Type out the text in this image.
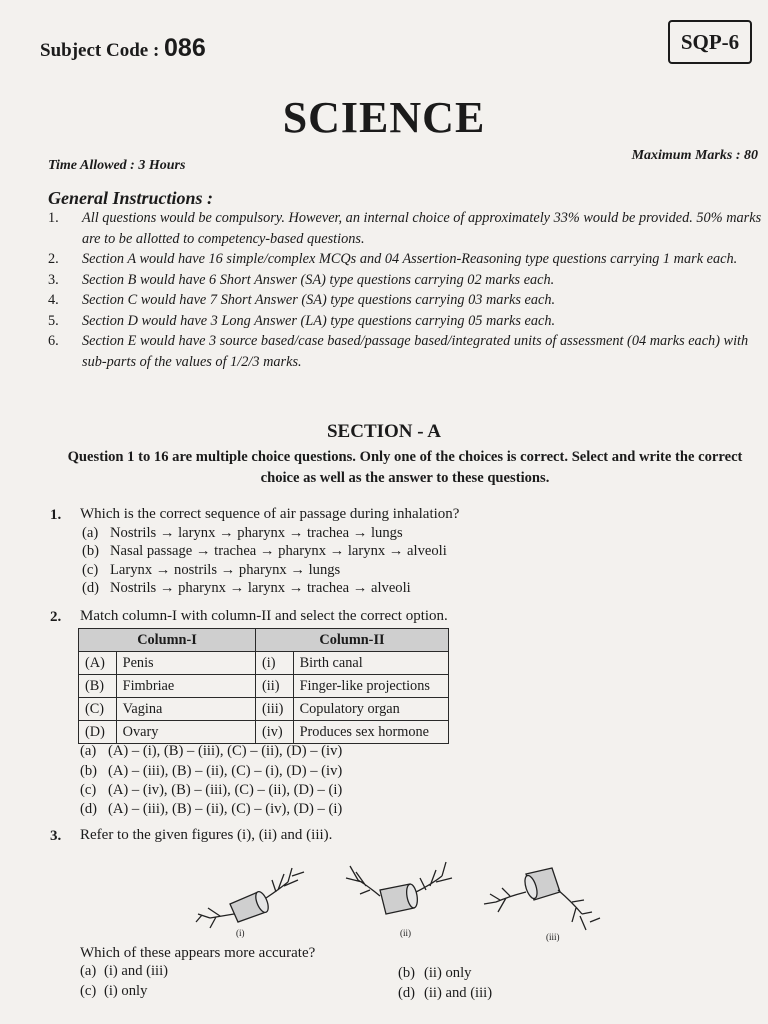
Subject Code : 086	SQP-6
SCIENCE
Time Allowed : 3 Hours
Maximum Marks : 80
General Instructions :
1. All questions would be compulsory. However, an internal choice of approximately 33% would be provided. 50% marks are to be allotted to competency-based questions.
2. Section A would have 16 simple/complex MCQs and 04 Assertion-Reasoning type questions carrying 1 mark each.
3. Section B would have 6 Short Answer (SA) type questions carrying 02 marks each.
4. Section C would have 7 Short Answer (SA) type questions carrying 03 marks each.
5. Section D would have 3 Long Answer (LA) type questions carrying 05 marks each.
6. Section E would have 3 source based/case based/passage based/integrated units of assessment (04 marks each) with sub-parts of the values of 1/2/3 marks.
SECTION - A
Question 1 to 16 are multiple choice questions. Only one of the choices is correct. Select and write the correct choice as well as the answer to these questions.
1. Which is the correct sequence of air passage during inhalation?
(a) Nostrils → larynx → pharynx → trachea → lungs
(b) Nasal passage → trachea → pharynx → larynx → alveoli
(c) Larynx → nostrils → pharynx → lungs
(d) Nostrils → pharynx → larynx → trachea → alveoli
2. Match column-I with column-II and select the correct option.
Column-I		Column-II	
(A)	Penis	(i)	Birth canal
(B)	Fimbriae	(ii)	Finger-like projections
(C)	Vagina	(iii)	Copulatory organ
(D)	Ovary	(iv)	Produces sex hormone
(a) (A) – (i), (B) – (iii), (C) – (ii), (D) – (iv)
(b) (A) – (iii), (B) – (ii), (C) – (i), (D) – (iv)
(c) (A) – (iv), (B) – (iii), (C) – (ii), (D) – (i)
(d) (A) – (iii), (B) – (ii), (C) – (iv), (D) – (i)
3. Refer to the given figures (i), (ii) and (iii).
(i)	(ii)	(iii)
Which of these appears more accurate?
(a) (i) and (iii)	(b) (ii) only
(c) (i) only	(d) (ii) and (iii)
